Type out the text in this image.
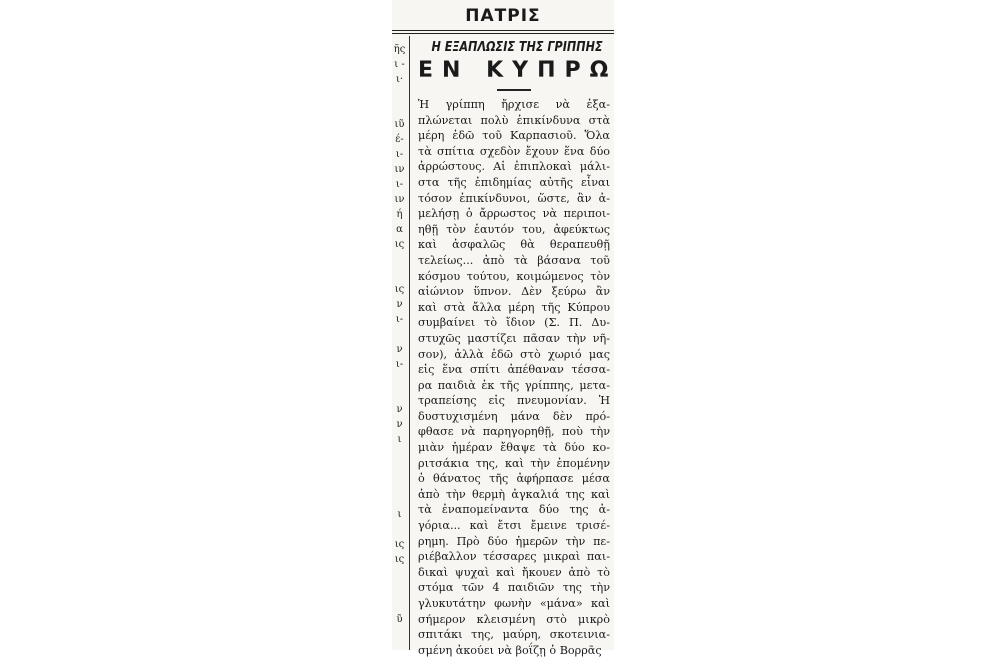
ΠΑΤΡΙΣ
ῆς
ι -
ι·
ιῦ
έ-
ι-
ιν
ι-
ιν
ή
α
ις
ις
ν
ι-
ν
ι-
ν
ν
ι
ι
ις
ις
ῦ
Η ΕΞΑΠΛΩΣΙΣ ΤΗΣ ΓΡΙΠΠΗΣ
ΕΝ ΚΥΠΡΩ
Ἡ γρίππη ἤρχισε νὰ ἐξα-
πλώνεται πολὺ ἐπικίνδυνα στὰ
μέρη ἐδῶ τοῦ Καρπασιοῦ. Ὅλα
τὰ σπίτια σχεδὸν ἔχουν ἕνα δύο
ἀρρώστους. Αἱ ἐπιπλοκαὶ μάλι-
στα τῆς ἐπιδημίας αὐτῆς εἶναι
τόσον ἐπικίνδυνοι, ὥστε, ἂν ἀ-
μελήσῃ ὁ ἄρρωστος νὰ περιποι-
ηθῇ τὸν ἑαυτόν του, ἀφεύκτως
καὶ ἀσφαλῶς θὰ θεραπευθῇ
τελείως... ἀπὸ τὰ βάσανα τοῦ
κόσμου τούτου, κοιμώμενος τὸν
αἰώνιον ὕπνον. Δὲν ξεύρω ἂν
καὶ στὰ ἄλλα μέρη τῆς Κύπρου
συμβαίνει τὸ ἴδιον (Σ. Π. Δυ-
στυχῶς μαστίζει πᾶσαν τὴν νῆ-
σον), ἀλλὰ ἐδῶ στὸ χωριό μας
εἰς ἕνα σπίτι ἀπέθαναν τέσσα-
ρα παιδιὰ ἐκ τῆς γρίππης, μετα-
τραπείσης εἰς πνευμονίαν. Ἡ
δυστυχισμένη μάνα δὲν πρό-
φθασε νὰ παρηγορηθῇ, ποὺ τὴν
μιὰν ἡμέραν ἔθαψε τὰ δύο κο-
ριτσάκια της, καὶ τὴν ἐπομένην
ὁ θάνατος τῆς ἀφήρπασε μέσα
ἀπὸ τὴν θερμὴ ἀγκαλιά της καὶ
τὰ ἐναπομείναντα δύο της ἀ-
γόρια... καὶ ἔτσι ἔμεινε τρισέ-
ρημη. Πρὸ δύο ἡμερῶν τὴν πε-
ριέβαλλον τέσσαρες μικραὶ παι-
δικαὶ ψυχαὶ καὶ ἤκουεν ἀπὸ τὸ
στόμα τῶν 4 παιδιῶν της τὴν
γλυκυτάτην φωνὴν «μάνα» καὶ
σήμερον κλεισμένη στὸ μικρὸ
σπιτάκι της, μαύρη, σκοτεινια-
σμένη ἀκούει νὰ βοΐζῃ ὁ Βορρᾶς
